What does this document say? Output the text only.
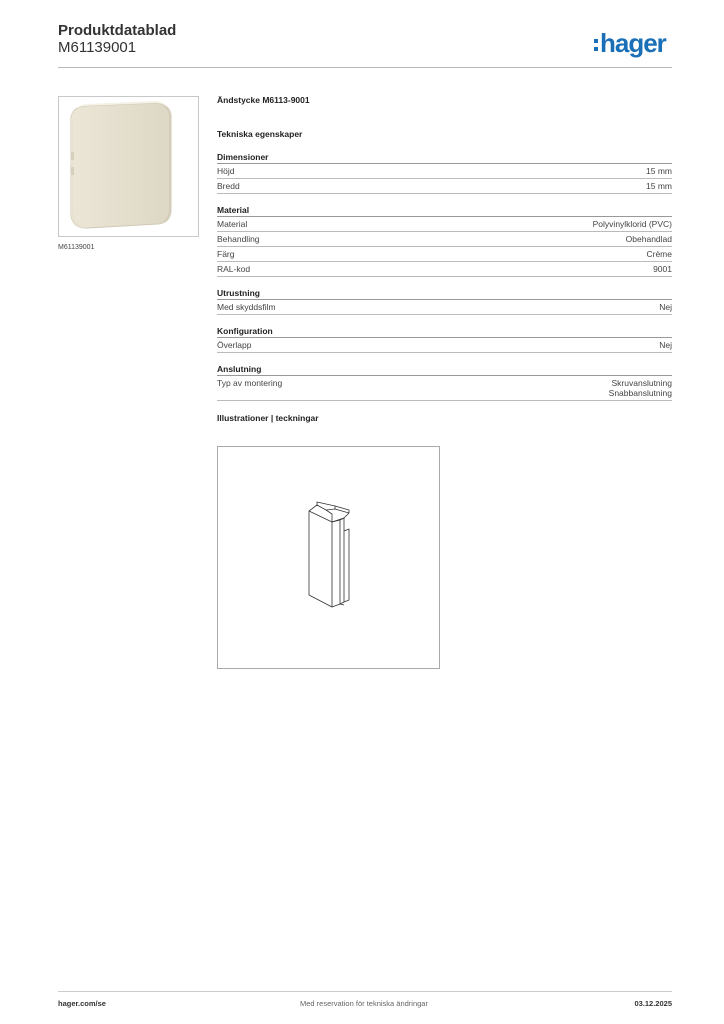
Produktdatablad
M61139001	hager
M61139001
Ändstycke M6113-9001
Tekniska egenskaper
Dimensioner
Höjd	15 mm
Bredd	15 mm
Material
Material	Polyvinylklorid (PVC)
Behandling	Obehandlad
Färg	Crème
RAL-kod	9001
Utrustning
Med skyddsfilm	Nej
Konfiguration
Överlapp	Nej
Anslutning
Typ av montering	Skruvanslutning
Snabbanslutning
Illustrationer | teckningar
hager.com/se	Med reservation för tekniska ändringar	03.12.2025
